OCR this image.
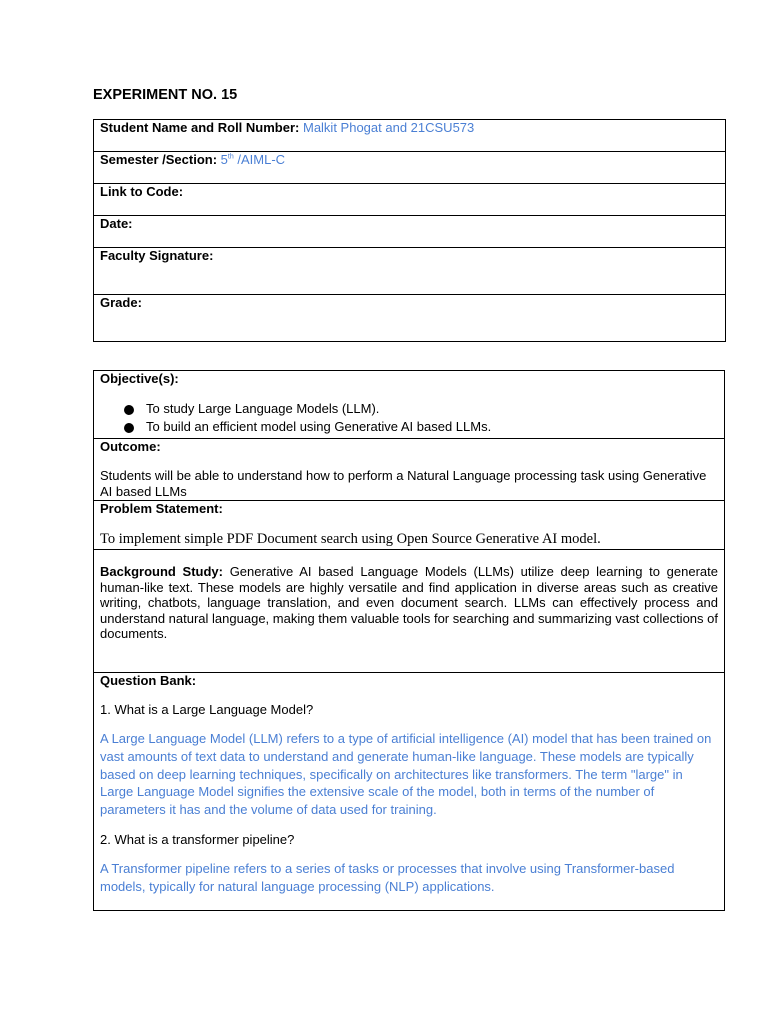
EXPERIMENT NO. 15
Student Name and Roll Number: Malkit Phogat and 21CSU573
Semester /Section: 5th /AIML-C
Link to Code:
Date:
Faculty Signature:
Grade:
Objective(s):
To study Large Language Models (LLM).
To build an efficient model using Generative AI based LLMs.
Outcome:
Students will be able to understand how to perform a Natural Language processing task using Generative AI based LLMs
Problem Statement:
To implement simple PDF Document search using Open Source Generative AI model.
Background Study: Generative AI based Language Models (LLMs) utilize deep learning to generate human-like text. These models are highly versatile and find application in diverse areas such as creative writing, chatbots, language translation, and even document search. LLMs can effectively process and understand natural language, making them valuable tools for searching and summarizing vast collections of documents.
Question Bank:
1. What is a Large Language Model?
A Large Language Model (LLM) refers to a type of artificial intelligence (AI) model that has been trained on vast amounts of text data to understand and generate human-like language. These models are typically based on deep learning techniques, specifically on architectures like transformers. The term "large" in Large Language Model signifies the extensive scale of the model, both in terms of the number of parameters it has and the volume of data used for training.
2. What is a transformer pipeline?
A Transformer pipeline refers to a series of tasks or processes that involve using Transformer-based models, typically for natural language processing (NLP) applications.
